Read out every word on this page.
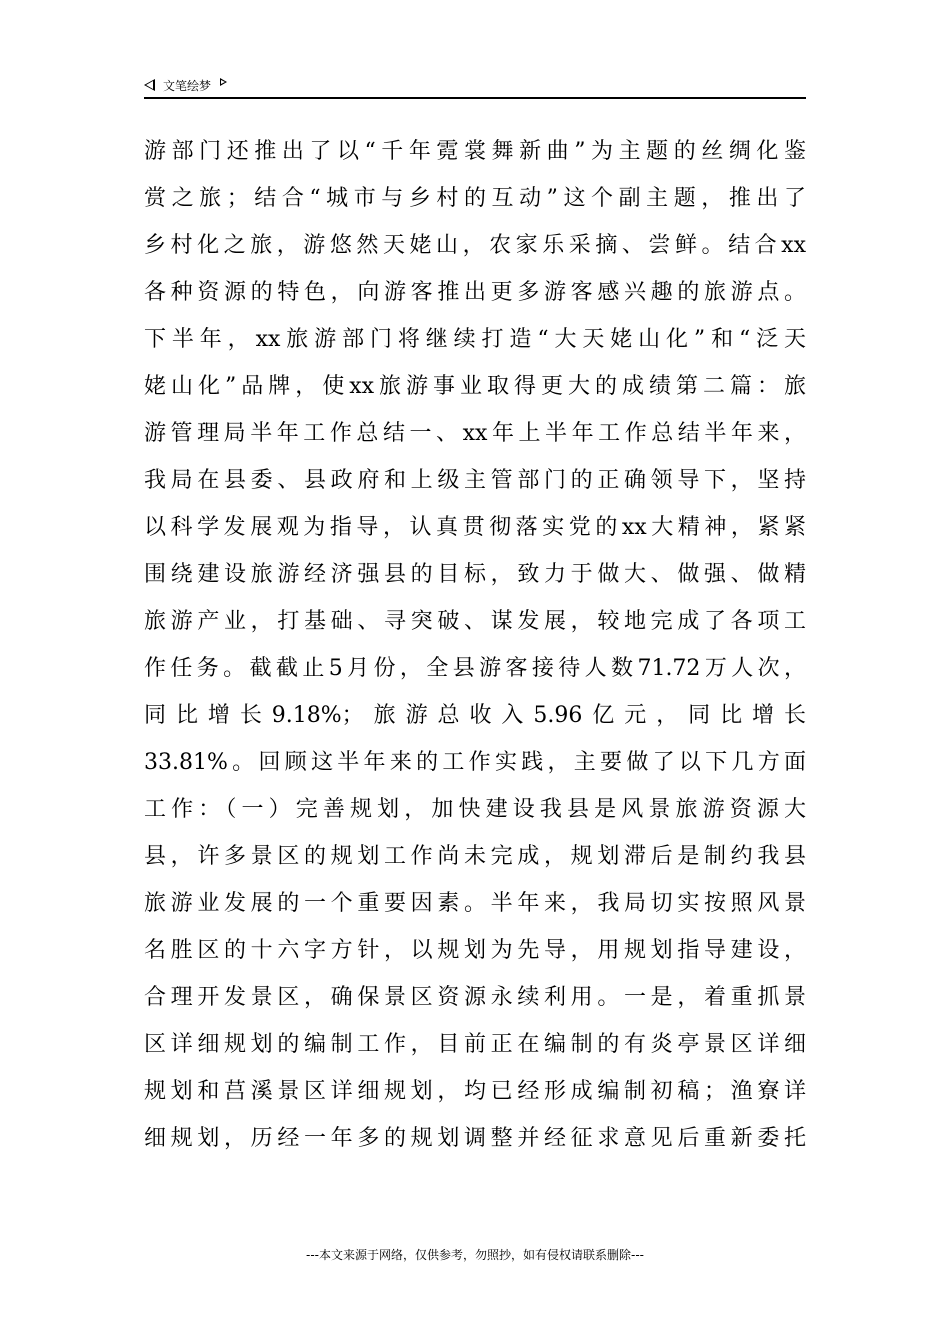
文笔绘梦
游部门还推出了以“千年霓裳舞新曲”为主题的丝绸化鉴
赏之旅；结合“城市与乡村的互动”这个副主题，推出了
乡村化之旅，游悠然天姥山，农家乐采摘、尝鲜。结合xx
各种资源的特色，向游客推出更多游客感兴趣的旅游点。
下半年，xx旅游部门将继续打造“大天姥山化”和“泛天
姥山化”品牌，使xx旅游事业取得更大的成绩第二篇：旅
游管理局半年工作总结一、xx年上半年工作总结半年来，
我局在县委、县政府和上级主管部门的正确领导下，坚持
以科学发展观为指导，认真贯彻落实党的xx大精神，紧紧
围绕建设旅游经济强县的目标，致力于做大、做强、做精
旅游产业，打基础、寻突破、谋发展，较地完成了各项工
作任务。截截止5月份，全县游客接待人数71.72万人次，
同比增长9.18%；旅游总收入5.96亿元，同比增长
33.81%。回顾这半年来的工作实践，主要做了以下几方面
工作：（一）完善规划，加快建设我县是风景旅游资源大
县，许多景区的规划工作尚未完成，规划滞后是制约我县
旅游业发展的一个重要因素。半年来，我局切实按照风景
名胜区的十六字方针，以规划为先导，用规划指导建设，
合理开发景区，确保景区资源永续利用。一是，着重抓景
区详细规划的编制工作，目前正在编制的有炎亭景区详细
规划和莒溪景区详细规划，均已经形成编制初稿；渔寮详
细规划，历经一年多的规划调整并经征求意见后重新委托
---本文来源于网络，仅供参考，勿照抄，如有侵权请联系删除---
